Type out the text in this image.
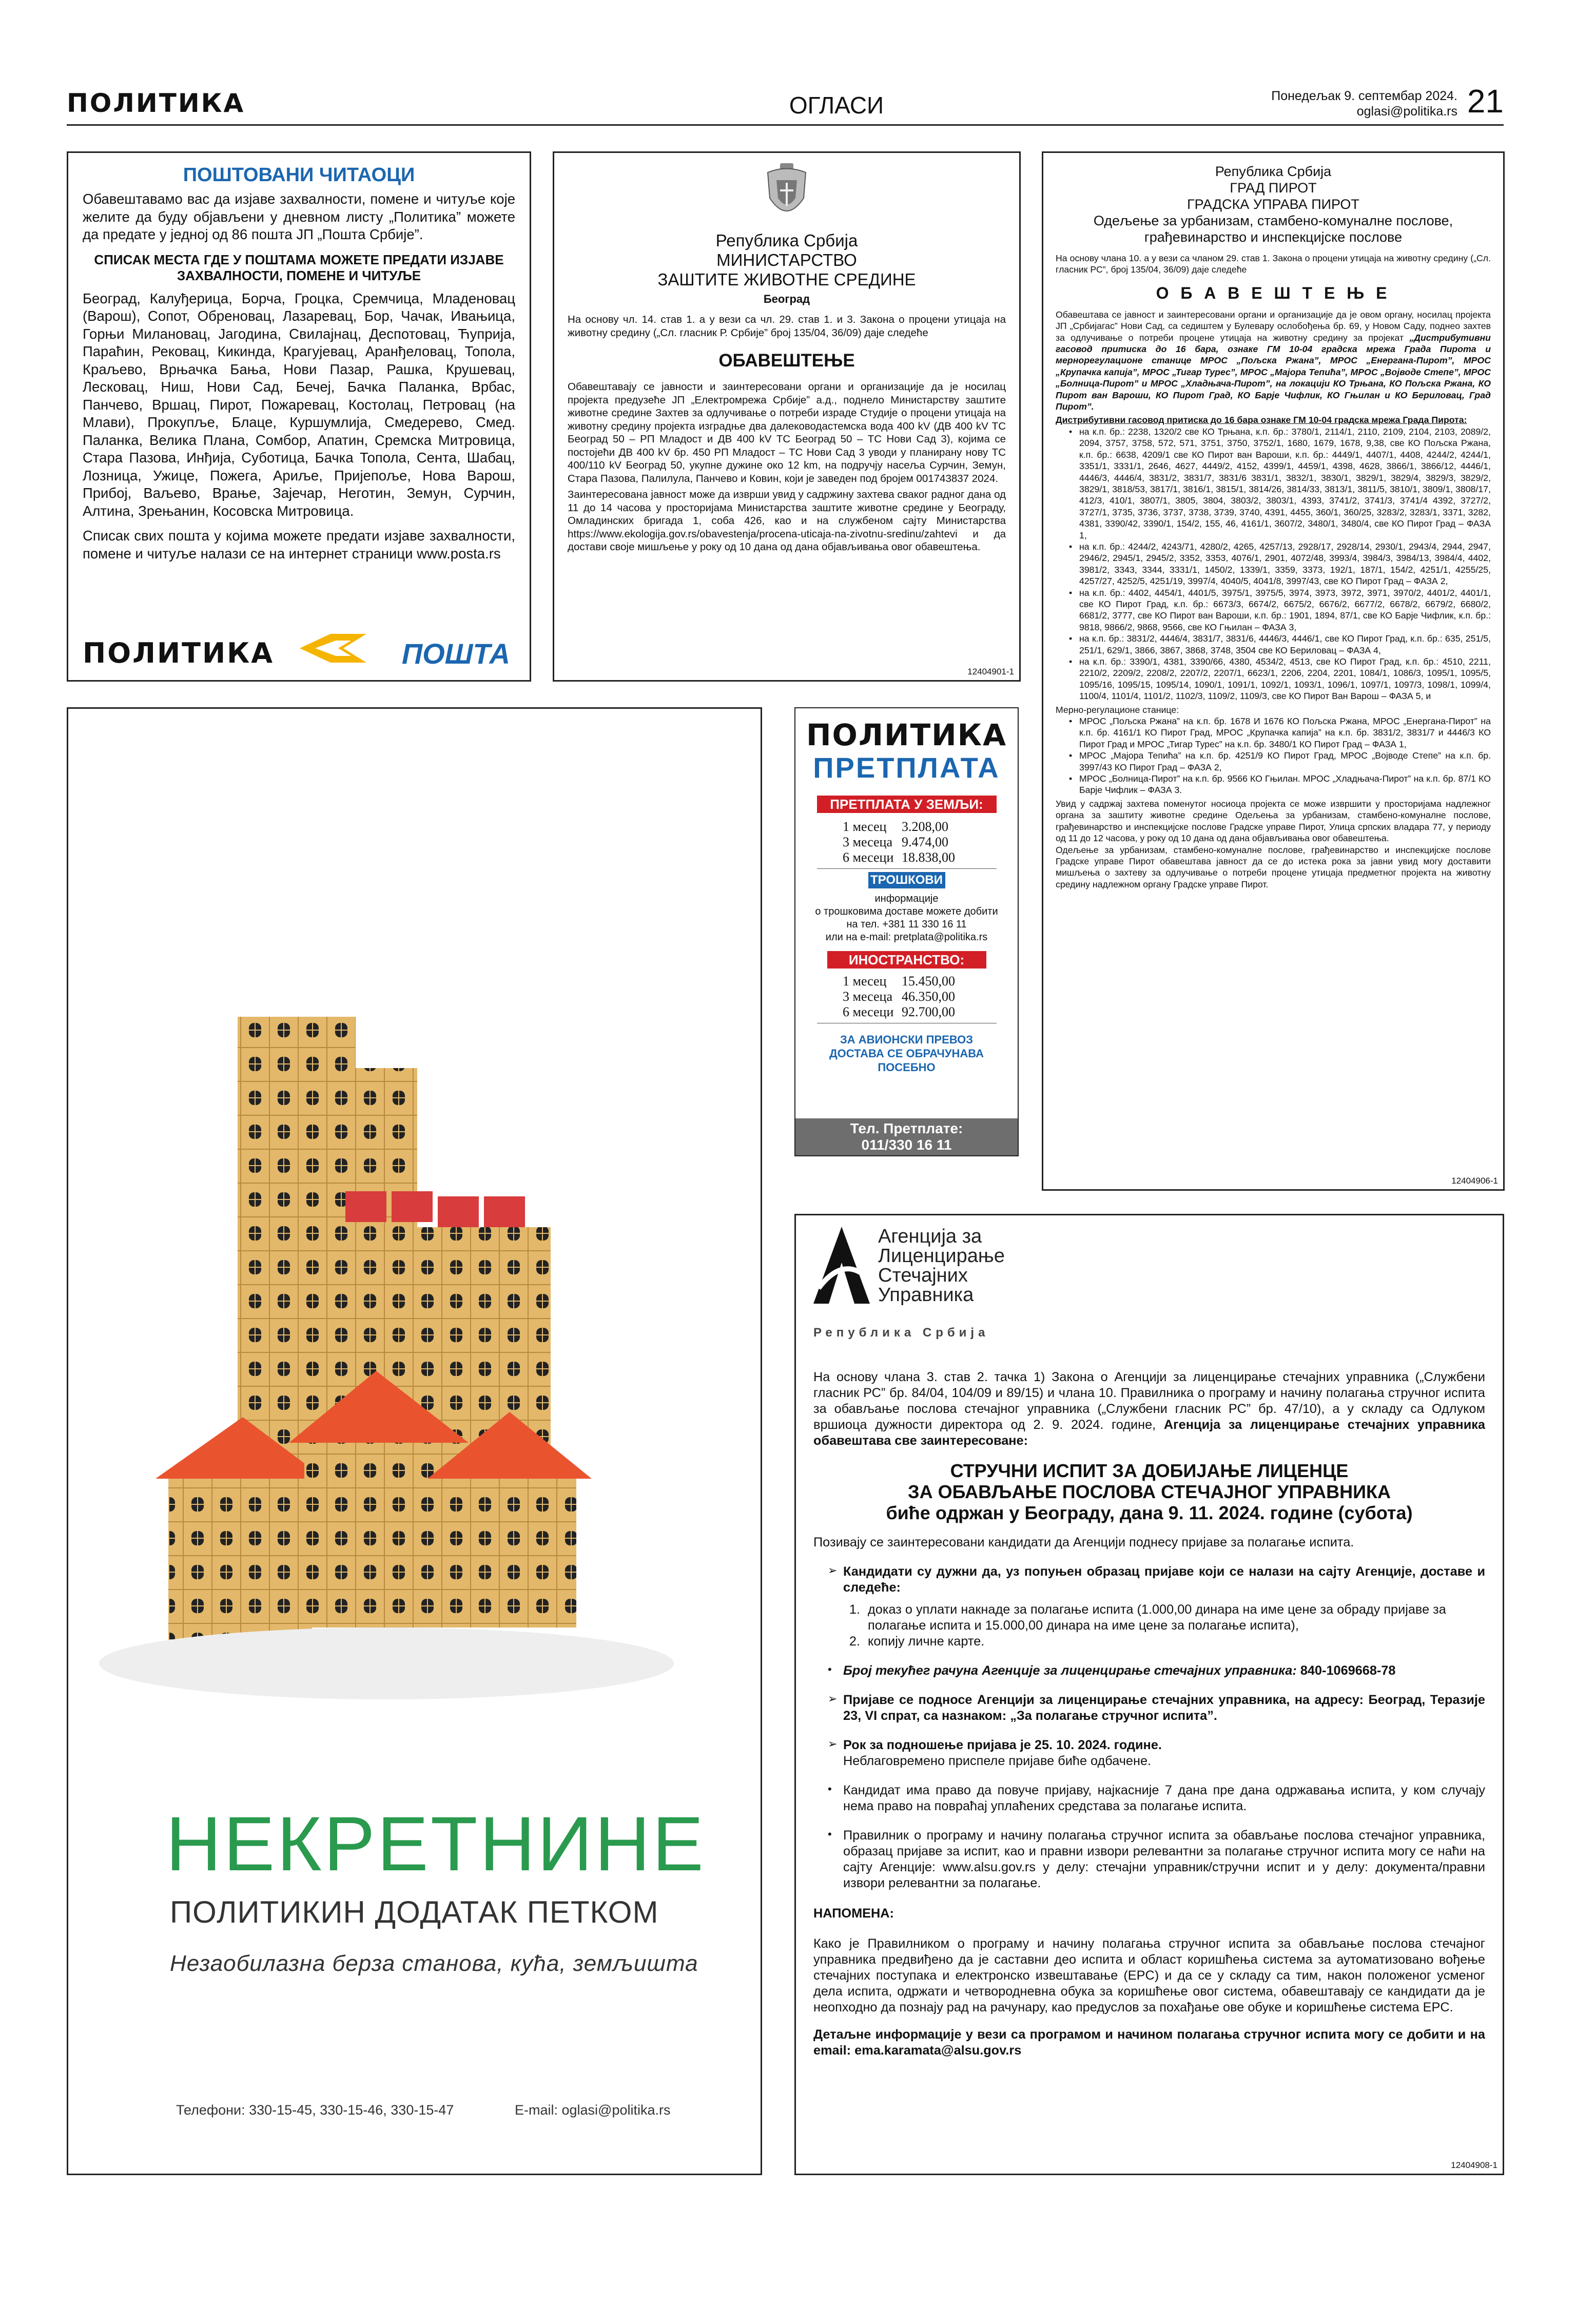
ПОЛИТИКА	ОГЛАСИ	Понедељак 9. септембар 2024.
oglasi@politika.rs 21
ПОШТОВАНИ ЧИТАОЦИ

Обавештавамо вас да изјаве захвалности, помене и читуље које желите да буду објављени у дневном листу „Политика” можете да предате у једној од 86 пошта ЈП „Пошта Србије”.

СПИСАК МЕСТА ГДЕ У ПОШТАМА МОЖЕТЕ ПРЕДАТИ ИЗЈАВЕ ЗАХВАЛНОСТИ, ПОМЕНЕ И ЧИТУЉЕ

Београд, Калуђерица, Борча, Гроцка, Сремчица, Младеновац (Варош), Сопот, Обреновац, Лазаревац, Бор, Чачак, Ивањица, Горњи Милановац, Јагодина, Свилајнац, Деспотовац, Ћуприја, Параћин, Рековац, Кикинда, Крагујевац, Аранђеловац, Топола, Краљево, Врњачка Бања, Нови Пазар, Рашка, Крушевац, Лесковац, Ниш, Нови Сад, Бечеј, Бачка Паланка, Врбас, Панчево, Вршац, Пирот, Пожаревац, Костолац, Петровац (на Млави), Прокупље, Блаце, Куршумлија, Смедерево, Смед. Паланка, Велика Плана, Сомбор, Апатин, Сремска Митровица, Стара Пазова, Инђија, Суботица, Бачка Топола, Сента, Шабац, Лозница, Ужице, Пожега, Ариље, Пријепоље, Нова Варош, Прибој, Ваљево, Врање, Зајечар, Неготин, Земун, Сурчин, Алтина, Зрењанин, Косовска Митровица.

Списак свих пошта у којима можете предати изјаве захвалности, помене и читуље налази се на интернет страници www.posta.rs

ПОЛИТИКА	ПОШТА
Република Србија
МИНИСТАРСТВО
ЗАШТИТЕ ЖИВОТНЕ СРЕДИНЕ
Београд

На основу чл. 14. став 1. а у вези са чл. 29. став 1. и 3. Закона о процени утицаја на животну средину („Сл. гласник Р. Србије” број 135/04, 36/09) даје следеће

ОБАВЕШТЕЊЕ

Обавештавају се јавности и заинтересовани органи и организације да је носилац пројекта предузеће ЈП „Електромрежа Србије” а.д., поднело Министарству заштите животне средине Захтев за одлучивање о потреби израде Студије о процени утицаја на животну средину пројекта изградње два далеководастемска вода 400 kV (ДВ 400 kV ТС Београд 50 – РП Младост и ДВ 400 kV ТС Београд 50 – ТС Нови Сад 3), којима се постојећи ДВ 400 kV бр. 450 РП Младост – ТС Нови Сад 3 уводи у планирану нову ТС 400/110 kV Београд 50, укупне дужине око 12 km, на подручју насеља Сурчин, Земун, Стара Пазова, Палилула, Панчево и Ковин, који је заведен под бројем 001743837 2024.

Заинтересована јавност може да изврши увид у садржину захтева сваког радног дана од 11 до 14 часова у просторијама Министарства заштите животне средине у Београду, Омладинских бригада 1, соба 426, као и на службеном сајту Министарства https://www.ekologija.gov.rs/obavestenja/procena-uticaja-na-zivotnu-sredinu/zahtevi и да достави своје мишљење у року од 10 дана од дана објављивања овог обавештења.

12404901-1
Република Србија
ГРАД ПИРОТ
ГРАДСКА УПРАВА ПИРОТ
Одељење за урбанизам, стамбено-комуналне послове, грађевинарство и инспекцијске послове

На основу члана 10. а у вези са чланом 29. став 1. Закона о процени утицаја на животну средину („Сл. гласник РС”, број 135/04, 36/09) даје следеће

О Б А В Е Ш Т Е Њ Е

Обавештава се јавност и заинтересовани органи и организације да је овом органу, носилац пројекта ЈП „Србијагас” Нови Сад, са седиштем у Булевару ослобођења бр. 69, у Новом Саду, поднео захтев за одлучивање о потреби процене утицаја на животну средину за пројекат „Дистрибутивни гасовод притиска до 16 бара, ознаке ГМ 10-04 градска мрежа Града Пирота и мернорегулационе станице МРОС „Пољска Ржана”, МРОС „Енергана-Пирот”, МРОС „Крупачка капија”, МРОС „Тигар Турес”, МРОС „Мајора Тепића”, МРОС „Војводе Степе”, МРОС „Болница-Пирот” и МРОС „Хладњача-Пирот”, на локацији КО Трњана, КО Пољска Ржана, КО Пирот ван Вароши, КО Пирот Град, КО Барје Чифлик, КО Гњилан и КО Бериловац, Град Пирот”.

Дистрибутивни гасовод притиска до 16 бара ознаке ГМ 10-04 градска мрежа Града Пирота:

• на к.п. бр.: 2238, 1320/2 све КО Трњана, к.п. бр.: 3780/1, 2114/1, 2110, 2109, 2104, 2103, 2089/2, 2094, 3757, 3758, 572, 571, 3751, 3750, 3752/1, 1680, 1679, 1678, 9,38, све КО Пољска Ржана, к.п. бр.: 6638, 4209/1 све КО Пирот ван Вароши, к.п. бр.: 4449/1, 4407/1, 4408, 4244/2, 4244/1, 3351/1, 3331/1, 2646, 4627, 4449/2, 4152, 4399/1, 4459/1, 4398, 4628, 3866/1, 3866/12, 4446/1, 4446/3, 4446/4, 3831/2, 3831/7, 3831/6 3831/1, 3832/1, 3830/1, 3829/1, 3829/4, 3829/3, 3829/2, 3829/1, 3818/53, 3817/1, 3816/1, 3815/1, 3814/26, 3814/33, 3813/1, 3811/5, 3810/1, 3809/1, 3808/17, 412/3, 410/1, 3807/1, 3805, 3804, 3803/2, 3803/1, 4393, 3741/2, 3741/3, 3741/4 4392, 3727/2, 3727/1, 3735, 3736, 3737, 3738, 3739, 3740, 4391, 4455, 360/1, 360/25, 3283/2, 3283/1, 3371, 3282, 4381, 3390/42, 3390/1, 154/2, 155, 46, 4161/1, 3607/2, 3480/1, 3480/4, све КО Пирот Град – ФАЗА 1,
• на к.п. бр.: 4244/2, 4243/71, 4280/2, 4265, 4257/13, 2928/17, 2928/14, 2930/1, 2943/4, 2944, 2947, 2946/2, 2945/1, 2945/2, 3352, 3353, 4076/1, 2901, 4072/48, 3993/4, 3984/3, 3984/13, 3984/4, 4402, 3981/2, 3343, 3344, 3331/1, 1450/2, 1339/1, 3359, 3373, 192/1, 187/1, 154/2, 4251/1, 4255/25, 4257/27, 4252/5, 4251/19, 3997/4, 4040/5, 4041/8, 3997/43, све КО Пирот Град – ФАЗА 2,
• на к.п. бр.: 4402, 4454/1, 4401/5, 3975/1, 3975/5, 3974, 3973, 3972, 3971, 3970/2, 4401/2, 4401/1, све КО Пирот Град, к.п. бр.: 6673/3, 6674/2, 6675/2, 6676/2, 6677/2, 6678/2, 6679/2, 6680/2, 6681/2, 3777, све КО Пирот ван Вароши, к.п. бр.: 1901, 1894, 87/1, све КО Барје Чифлик, к.п. бр.: 9818, 9866/2, 9868, 9566, све КО Гњилан – ФАЗА 3,
• на к.п. бр.: 3831/2, 4446/4, 3831/7, 3831/6, 4446/3, 4446/1, све КО Пирот Град, к.п. бр.: 635, 251/5, 251/1, 629/1, 3866, 3867, 3868, 3748, 3504 све КО Бериловац – ФАЗА 4,
• на к.п. бр.: 3390/1, 4381, 3390/66, 4380, 4534/2, 4513, све КО Пирот Град, к.п. бр.: 4510, 2211, 2210/2, 2209/2, 2208/2, 2207/2, 2207/1, 6623/1, 2206, 2204, 2201, 1084/1, 1086/3, 1095/1, 1095/5, 1095/16, 1095/15, 1095/14, 1090/1, 1091/1, 1092/1, 1093/1, 1096/1, 1097/1, 1097/3, 1098/1, 1099/4, 1100/4, 1101/4, 1101/2, 1102/3, 1109/2, 1109/3, све КО Пирот Ван Варош – ФАЗА 5, и

Мерно-регулационе станице:

• МРОС „Пољска Ржана” на к.п. бр. 1678 И 1676 КО Пољска Ржана, МРОС „Енергана-Пирот” на к.п. бр. 4161/1 КО Пирот Град, МРОС „Крупачка капија” на к.п. бр. 3831/2, 3831/7 и 4446/3 КО Пирот Град и МРОС „Тигар Турес” на к.п. бр. 3480/1 КО Пирот Град – ФАЗА 1,
• МРОС „Мајора Тепића” на к.п. бр. 4251/9 КО Пирот Град, МРОС „Војводе Степе” на к.п. бр. 3997/43 КО Пирот Град – ФАЗА 2,
• МРОС „Болница-Пирот” на к.п. бр. 9566 КО Гњилан. МРОС „Хладњача-Пирот” на к.п. бр. 87/1 КО Барје Чифлик – ФАЗА 3.

Увид у садржај захтева поменутог носиоца пројекта се може извршити у просторијама надлежног органа за заштиту животне средине Одељења за урбанизам, стамбено-комуналне послове, грађевинарство и инспекцијске послове Градске управе Пирот, Улица српских владара 77, у периоду од 11 до 12 часова, у року од 10 дана од дана објављивања овог обавештења.

Одељење за урбанизам, стамбено-комуналне послове, грађевинарство и инспекцијске послове Градске управе Пирот обавештава јавност да се до истека рока за јавни увид могу доставити мишљења о захтеву за одлучивање о потреби процене утицаја предметног пројекта на животну средину надлежном органу Градске управе Пирот.

12404906-1
НЕКРЕТНИНЕ
ПОЛИТИКИН ДОДАТАК ПЕТКОМ
Незаобилазна берза станова, кућа, земљишта
Телефони: 330-15-45, 330-15-46, 330-15-47	E-mail: oglasi@politika.rs
ПОЛИТИКА
ПРЕТПЛАТА
ПРЕТПЛАТА У ЗЕМЉИ:
1 месец 3.208,00
3 месеца 9.474,00
6 месеци 18.838,00
ТРОШКОВИ
информације
о трошковима доставе можете добити
на тел. +381 11 330 16 11
или на e-mail: pretplata@politika.rs
ИНОСТРАНСТВО:
1 месец 15.450,00
3 месеца 46.350,00
6 месеци 92.700,00
ЗА АВИОНСКИ ПРЕВОЗ
ДОСТАВА СЕ ОБРАЧУНАВА
ПОСЕБНО
Тел. Претплате:
011/330 16 11
Агенција за
Лиценцирање
Стечајних
Управника
Република Србија

На основу члана 3. став 2. тачка 1) Закона о Агенцији за лиценцирање стечајних управника („Службени гласник РС” бр. 84/04, 104/09 и 89/15) и члана 10. Правилника о програму и начину полагања стручног испита за обављање послова стечајног управника („Службени гласник РС” бр. 47/10), а у складу са Одлуком вршиоца дужности директора од 2. 9. 2024. године, Агенција за лиценцирање стечајних управника обавештава све заинтересоване:

СТРУЧНИ ИСПИТ ЗА ДОБИЈАЊЕ ЛИЦЕНЦЕ
ЗА ОБАВЉАЊЕ ПОСЛОВА СТЕЧАЈНОГ УПРАВНИКА
биће одржан у Београду, дана 9. 11. 2024. године (субота)

Позивају се заинтересовани кандидати да Агенцији поднесу пријаве за полагање испита.

➢ Кандидати су дужни да, уз попуњен образац пријаве који се налази на сајту Агенције, доставе и следеће:

1. доказ о уплати накнаде за полагање испита (1.000,00 динара на име цене за обраду пријаве за полагање испита и 15.000,00 динара на име цене за полагање испита),
2. копију личне карте.
• Број текућег рачуна Агенције за лиценцирање стечајних управника: 840-1069668-78

➢ Пријаве се подносе Агенцији за лиценцирање стечајних управника, на адресу: Београд, Теразије 23, VI спрат, са назнаком: „За полагање стручног испита”.

➢ Рок за подношење пријава је 25. 10. 2024. године.

Неблаговремено приспеле пријаве биће одбачене.

• Кандидат има право да повуче пријаву, најкасније 7 дана пре дана одржавања испита, у ком случају нема право на повраћај уплаћених средстава за полагање испита.

• Правилник о програму и начину полагања стручног испита за обављање послова стечајног управника, образац пријаве за испит, као и правни извори релевантни за полагање стручног испита могу се наћи на сајту Агенције: www.alsu.gov.rs у делу: стечајни управник/стручни испит и у делу: документа/правни извори релевантни за полагање.

НАПОМЕНА:

Како је Правилником о програму и начину полагања стручног испита за обављање послова стечајног управника предвиђено да је саставни део испита и област коришћења система за аутоматизовано вођење стечајних поступака и електронско извештавање (EPC) и да се у складу са тим, након положеног усменог дела испита, одржати и четвородневна обука за коришћење овог система, обавештавају се кандидати да је неопходно да познају рад на рачунару, као предуслов за похађање ове обуке и коришћење система EPC.

Детаљне информације у вези са програмом и начином полагања стручног испита могу се добити и на email: ema.karamata@alsu.gov.rs

12404908-1
